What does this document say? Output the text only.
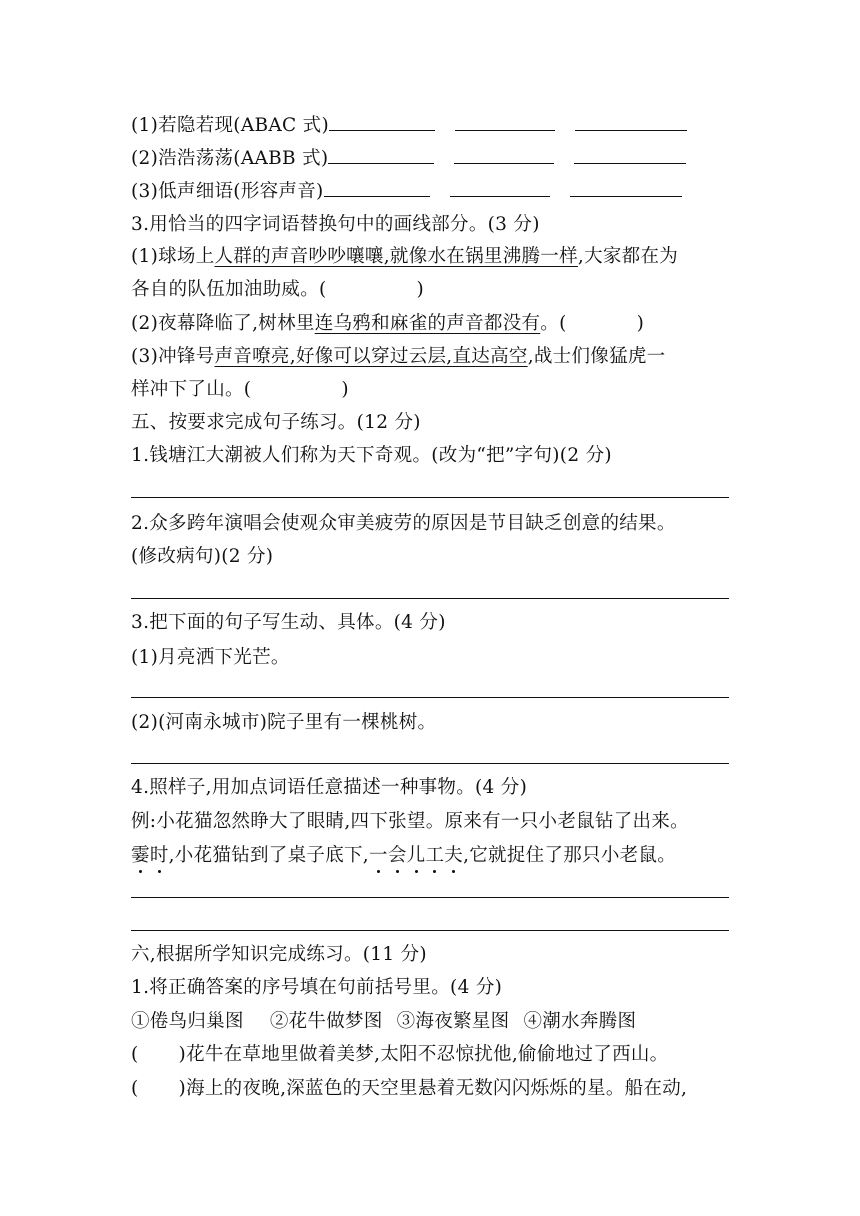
(1)若隐若现(ABAC 式)
(2)浩浩荡荡(AABB 式)
(3)低声细语(形容声音)
3.用恰当的四字词语替换句中的画线部分。(3 分)
(1)球场上人群的声音吵吵嚷嚷,就像水在锅里沸腾一样,大家都在为
各自的队伍加油助威。(	)
(2)夜幕降临了,树林里连乌鸦和麻雀的声音都没有。(	)
(3)冲锋号声音嘹亮,好像可以穿过云层,直达高空,战士们像猛虎一
样冲下了山。(	)
五、按要求完成句子练习。(12 分)
1.钱塘江大潮被人们称为天下奇观。(改为“把”字句)(2 分)
2.众多跨年演唱会使观众审美疲劳的原因是节目缺乏创意的结果。
(修改病句)(2 分)
3.把下面的句子写生动、具体。(4 分)
(1)月亮洒下光芒。
(2)(河南永城市)院子里有一棵桃树。
4.照样子,用加点词语任意描述一种事物。(4 分)
例:小花猫忽然睁大了眼睛,四下张望。原来有一只小老鼠钻了出来。
霎时,小花猫钻到了桌子底下,一会儿工夫,它就捉住了那只小老鼠。
六,根据所学知识完成练习。(11 分)
1.将正确答案的序号填在句前括号里。(4 分)
①倦鸟归巢图 ②花牛做梦图 ③海夜繁星图 ④潮水奔腾图
( )花牛在草地里做着美梦,太阳不忍惊扰他,偷偷地过了西山。
( )海上的夜晚,深蓝色的天空里悬着无数闪闪烁烁的星。船在动,
